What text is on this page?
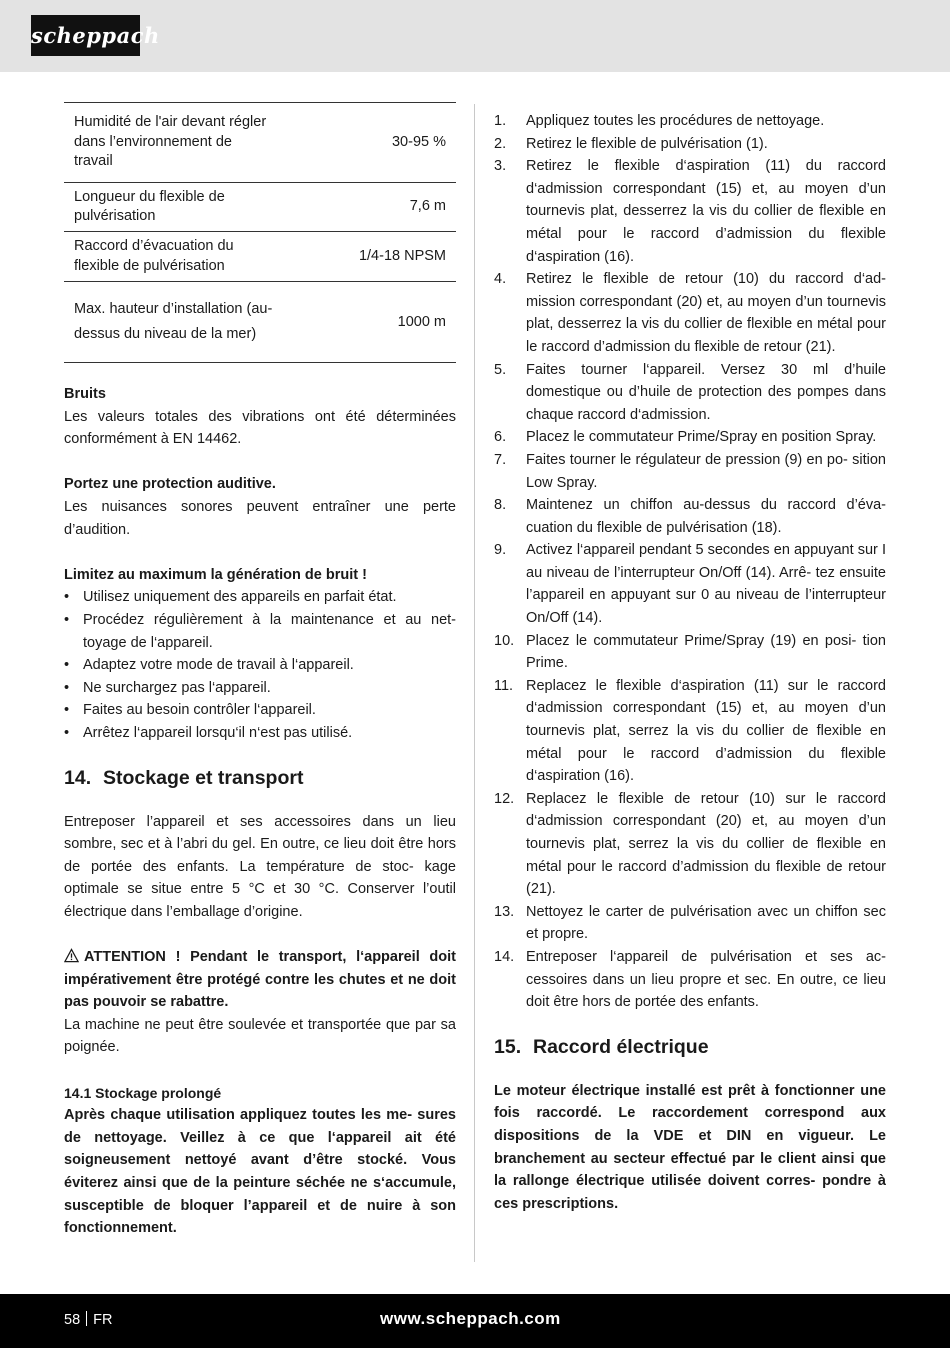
scheppach
Humidité de l'air devant régler dans l’environnement de travail
30-95 %
Longueur du flexible de pulvérisation
7,6 m
Raccord d’évacuation du flexible de pulvérisation
1/4-18 NPSM
Max. hauteur d’installation (au-dessus du niveau de la mer)
1000 m

Bruits

Les valeurs totales des vibrations ont été déterminées conformément à EN 14462.

Portez une protection auditive.

Les nuisances sonores peuvent entraîner une perte d’audition.

Limitez au maximum la génération de bruit !

• Utilisez uniquement des appareils en parfait état.
• Procédez régulièrement à la maintenance et au net- toyage de l‘appareil.
• Adaptez votre mode de travail à l‘appareil.
• Ne surchargez pas l‘appareil.
• Faites au besoin contrôler l‘appareil.
• Arrêtez l‘appareil lorsqu‘il n‘est pas utilisé.
14. Stockage et transport

Entreposer l’appareil et ses accessoires dans un lieu sombre, sec et à l’abri du gel. En outre, ce lieu doit être hors de portée des enfants. La température de stoc- kage optimale se situe entre 5 °C et 30 °C. Conserver l’outil électrique dans l’emballage d’origine.

ATTENTION ! Pendant le transport, l‘appareil doit impérativement être protégé contre les chutes et ne doit pas pouvoir se rabattre.

La machine ne peut être soulevée et transportée que par sa poignée.

14.1 Stockage prolongé

Après chaque utilisation appliquez toutes les me- sures de nettoyage. Veillez à ce que l‘appareil ait été soigneusement nettoyé avant d’être stocké. Vous éviterez ainsi que de la peinture séchée ne s‘accumule, susceptible de bloquer l’appareil et de nuire à son fonctionnement.

1.	Appliquez toutes les procédures de nettoyage.
2.	Retirez le flexible de pulvérisation (1).
3.	Retirez le flexible d‘aspiration (11) du raccord d‘admission correspondant (15) et, au moyen d’un tournevis plat, desserrez la vis du collier de flexible en métal pour le raccord d’admission du flexible d‘aspiration (16).
4.	Retirez le flexible de retour (10) du raccord d‘ad- mission correspondant (20) et, au moyen d’un tournevis plat, desserrez la vis du collier de flexible en métal pour le raccord d’admission du flexible de retour (21).
5.	Faites tourner l‘appareil. Versez 30 ml d’huile domestique ou d’huile de protection des pompes dans chaque raccord d‘admission.
6.	Placez le commutateur Prime/Spray en position Spray.
7.	Faites tourner le régulateur de pression (9) en po- sition Low Spray.
8.	Maintenez un chiffon au-dessus du raccord d’éva- cuation du flexible de pulvérisation (18).
9.	Activez l‘appareil pendant 5 secondes en appuyant sur I au niveau de l’interrupteur On/Off (14). Arrê- tez ensuite l’appareil en appuyant sur 0 au niveau de l’interrupteur On/Off (14).
10. Placez le commutateur Prime/Spray (19) en posi- tion Prime.
11. Replacez le flexible d‘aspiration (11) sur le raccord d‘admission correspondant (15) et, au moyen d’un tournevis plat, serrez la vis du collier de flexible en métal pour le raccord d’admission du flexible d‘aspiration (16).
12. Replacez le flexible de retour (10) sur le raccord d‘admission correspondant (20) et, au moyen d’un tournevis plat, serrez la vis du collier de flexible en métal pour le raccord d’admission du flexible de retour (21).
13. Nettoyez le carter de pulvérisation avec un chiffon sec et propre.
14. Entreposer l‘appareil de pulvérisation et ses ac- cessoires dans un lieu propre et sec. En outre, ce lieu doit être hors de portée des enfants.
15. Raccord électrique

Le moteur électrique installé est prêt à fonctionner une fois raccordé. Le raccordement correspond aux dispositions de la VDE et DIN en vigueur. Le branchement au secteur effectué par le client ainsi que la rallonge électrique utilisée doivent corres- pondre à ces prescriptions.

58 FR	www.scheppach.com
